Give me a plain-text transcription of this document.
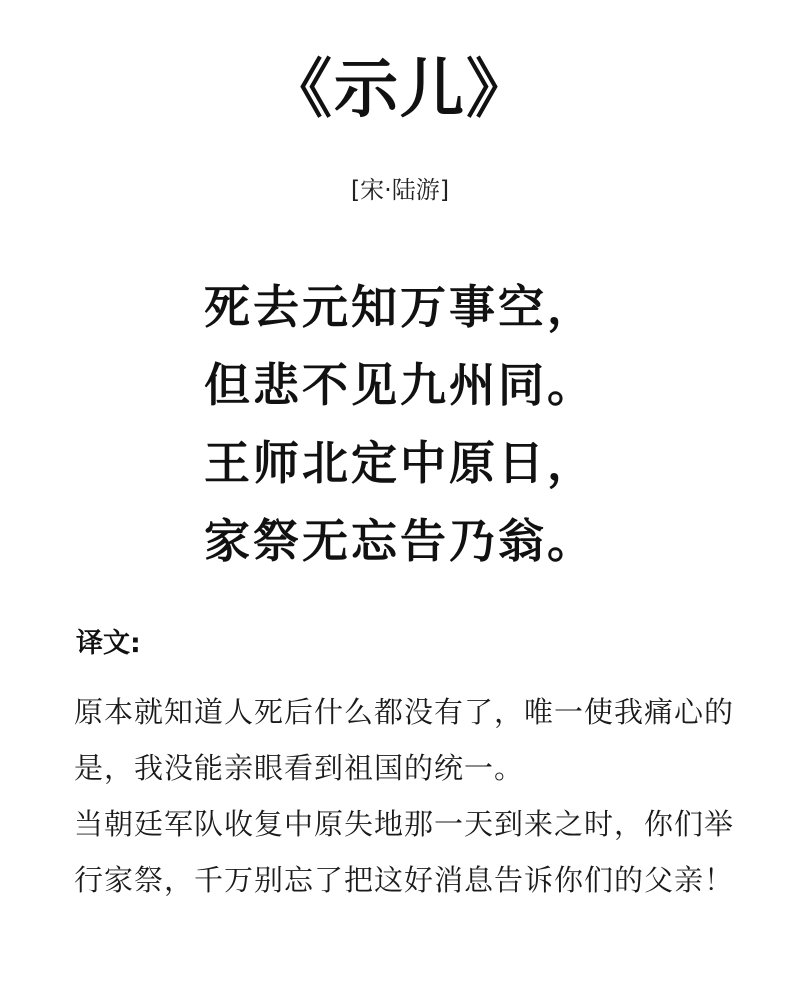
《示儿》
[宋·陆游]
死去元知万事空，
但悲不见九州同。
王师北定中原日，
家祭无忘告乃翁。
译文:

原本就知道人死后什么都没有了，唯一使我痛心的是，我没能亲眼看到祖国的统一。

当朝廷军队收复中原失地那一天到来之时，你们举行家祭，千万别忘了把这好消息告诉你们的父亲！
